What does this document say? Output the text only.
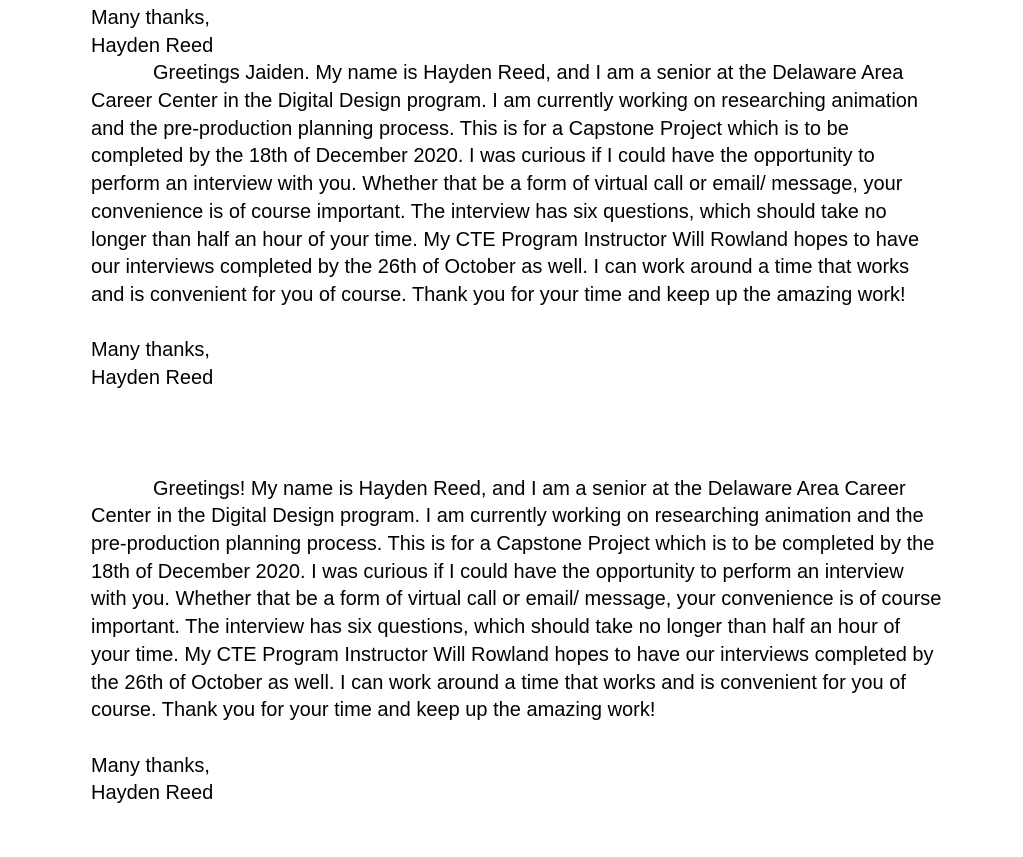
Many thanks,
Hayden Reed
Greetings Jaiden. My name is Hayden Reed, and I am a senior at the Delaware Area
Career Center in the Digital Design program. I am currently working on researching animation
and the pre-production planning process. This is for a Capstone Project which is to be
completed by the 18th of December 2020. I was curious if I could have the opportunity to
perform an interview with you. Whether that be a form of virtual call or email/ message, your
convenience is of course important. The interview has six questions, which should take no
longer than half an hour of your time. My CTE Program Instructor Will Rowland hopes to have
our interviews completed by the 26th of October as well. I can work around a time that works
and is convenient for you of course. Thank you for your time and keep up the amazing work!
Many thanks,
Hayden Reed
Greetings! My name is Hayden Reed, and I am a senior at the Delaware Area Career
Center in the Digital Design program. I am currently working on researching animation and the
pre-production planning process. This is for a Capstone Project which is to be completed by the
18th of December 2020. I was curious if I could have the opportunity to perform an interview
with you. Whether that be a form of virtual call or email/ message, your convenience is of course
important. The interview has six questions, which should take no longer than half an hour of
your time. My CTE Program Instructor Will Rowland hopes to have our interviews completed by
the 26th of October as well. I can work around a time that works and is convenient for you of
course. Thank you for your time and keep up the amazing work!
Many thanks,
Hayden Reed
